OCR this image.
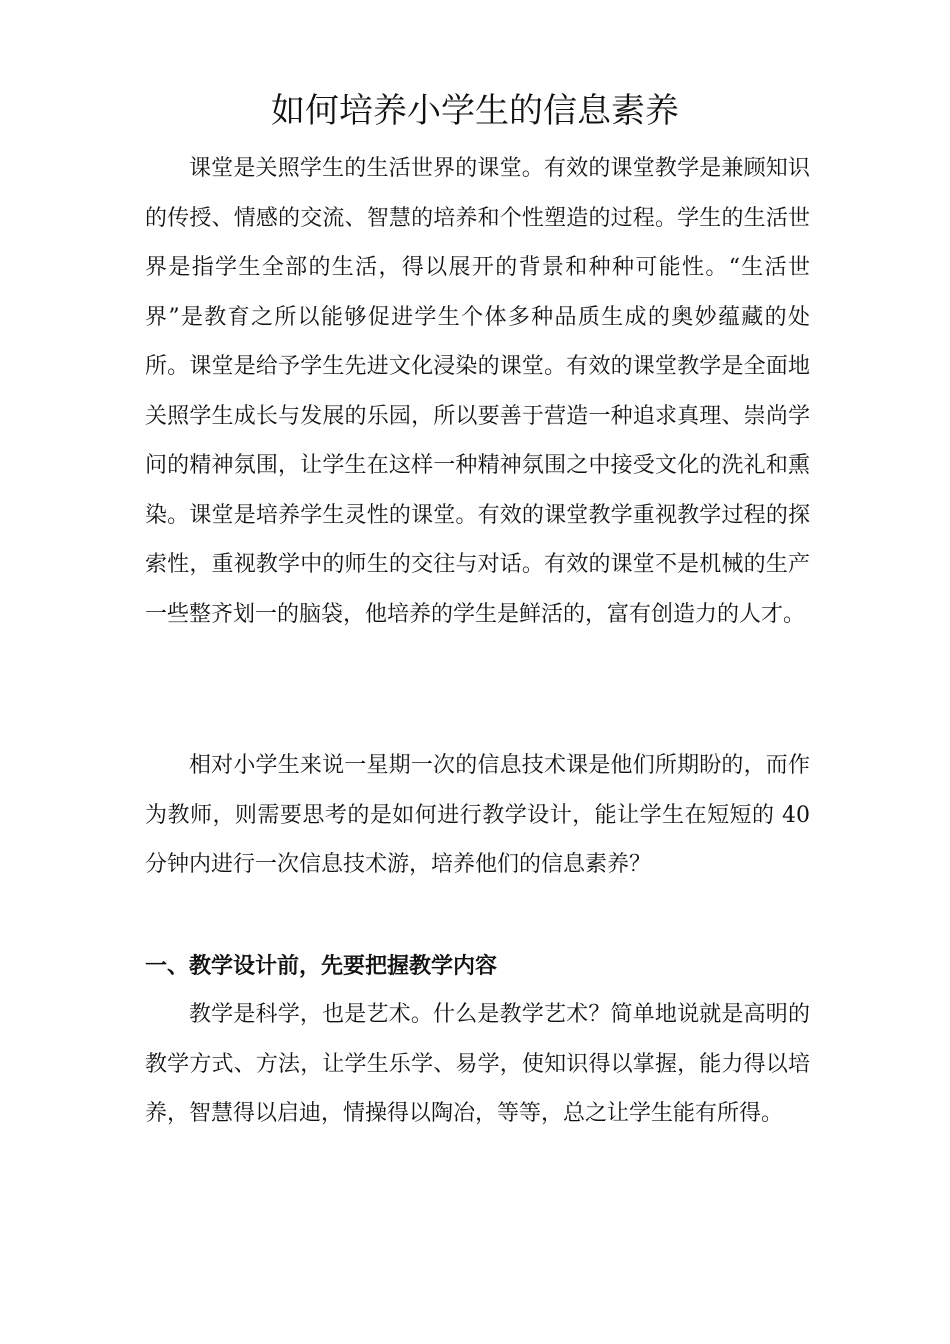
如何培养小学生的信息素养

课堂是关照学生的生活世界的课堂。有效的课堂教学是兼顾知识的传授、情感的交流、智慧的培养和个性塑造的过程。学生的生活世界是指学生全部的生活，得以展开的背景和种种可能性。“生活世界”是教育之所以能够促进学生个体多种品质生成的奥妙蕴藏的处所。课堂是给予学生先进文化浸染的课堂。有效的课堂教学是全面地关照学生成长与发展的乐园，所以要善于营造一种追求真理、崇尚学问的精神氛围，让学生在这样一种精神氛围之中接受文化的洗礼和熏染。课堂是培养学生灵性的课堂。有效的课堂教学重视教学过程的探索性，重视教学中的师生的交往与对话。有效的课堂不是机械的生产一些整齐划一的脑袋，他培养的学生是鲜活的，富有创造力的人才。

相对小学生来说一星期一次的信息技术课是他们所期盼的，而作为教师，则需要思考的是如何进行教学设计，能让学生在短短的 40 分钟内进行一次信息技术游，培养他们的信息素养？

一、教学设计前，先要把握教学内容

教学是科学，也是艺术。什么是教学艺术？简单地说就是高明的教学方式、方法，让学生乐学、易学，使知识得以掌握，能力得以培养，智慧得以启迪，情操得以陶冶，等等，总之让学生能有所得。
